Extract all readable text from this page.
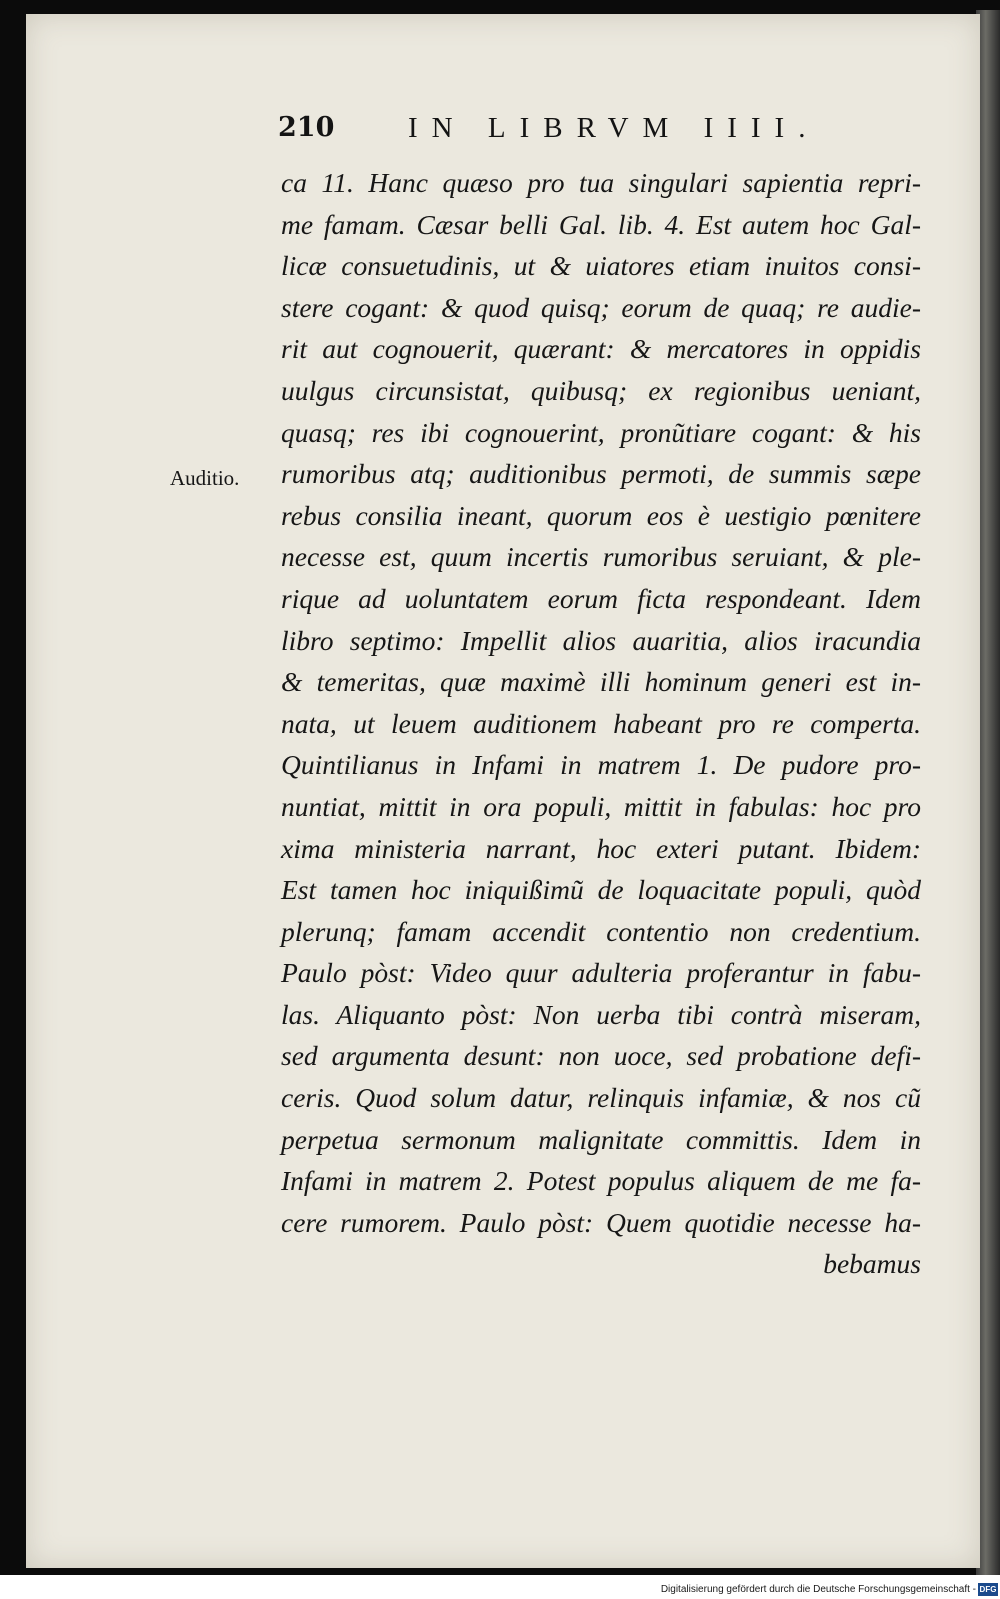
210	IN LIBRVM IIII.
Auditio.
ca 11. Hanc quæso pro tua singulari sapientia repri-
me famam. Cæsar belli Gal. lib. 4. Est autem hoc Gal-
licæ consuetudinis, ut & uiatores etiam inuitos consi-
stere cogant: & quod quisq; eorum de quaq; re audie-
rit aut cognouerit, quærant: & mercatores in oppidis
uulgus circunsistat, quibusq; ex regionibus ueniant,
quasq; res ibi cognouerint, pronũtiare cogant: & his
rumoribus atq; auditionibus permoti, de summis sæpe
rebus consilia ineant, quorum eos è uestigio pœnitere
necesse est, quum incertis rumoribus seruiant, & ple-
rique ad uoluntatem eorum ficta respondeant. Idem
libro septimo: Impellit alios auaritia, alios iracundia
& temeritas, quæ maximè illi hominum generi est in-
nata, ut leuem auditionem habeant pro re comperta.
Quintilianus in Infami in matrem 1. De pudore pro-
nuntiat, mittit in ora populi, mittit in fabulas: hoc pro
xima ministeria narrant, hoc exteri putant. Ibidem:
Est tamen hoc iniquißimũ de loquacitate populi, quòd
plerunq; famam accendit contentio non credentium.
Paulo pòst: Video quur adulteria proferantur in fabu-
las. Aliquanto pòst: Non uerba tibi contrà miseram,
sed argumenta desunt: non uoce, sed probatione defi-
ceris. Quod solum datur, relinquis infamiæ, & nos cũ
perpetua sermonum malignitate committis. Idem in
Infami in matrem 2. Potest populus aliquem de me fa-
cere rumorem. Paulo pòst: Quem quotidie necesse ha-
bebamus
Digitalisierung gefördert durch die Deutsche Forschungsgemeinschaft - DFG
